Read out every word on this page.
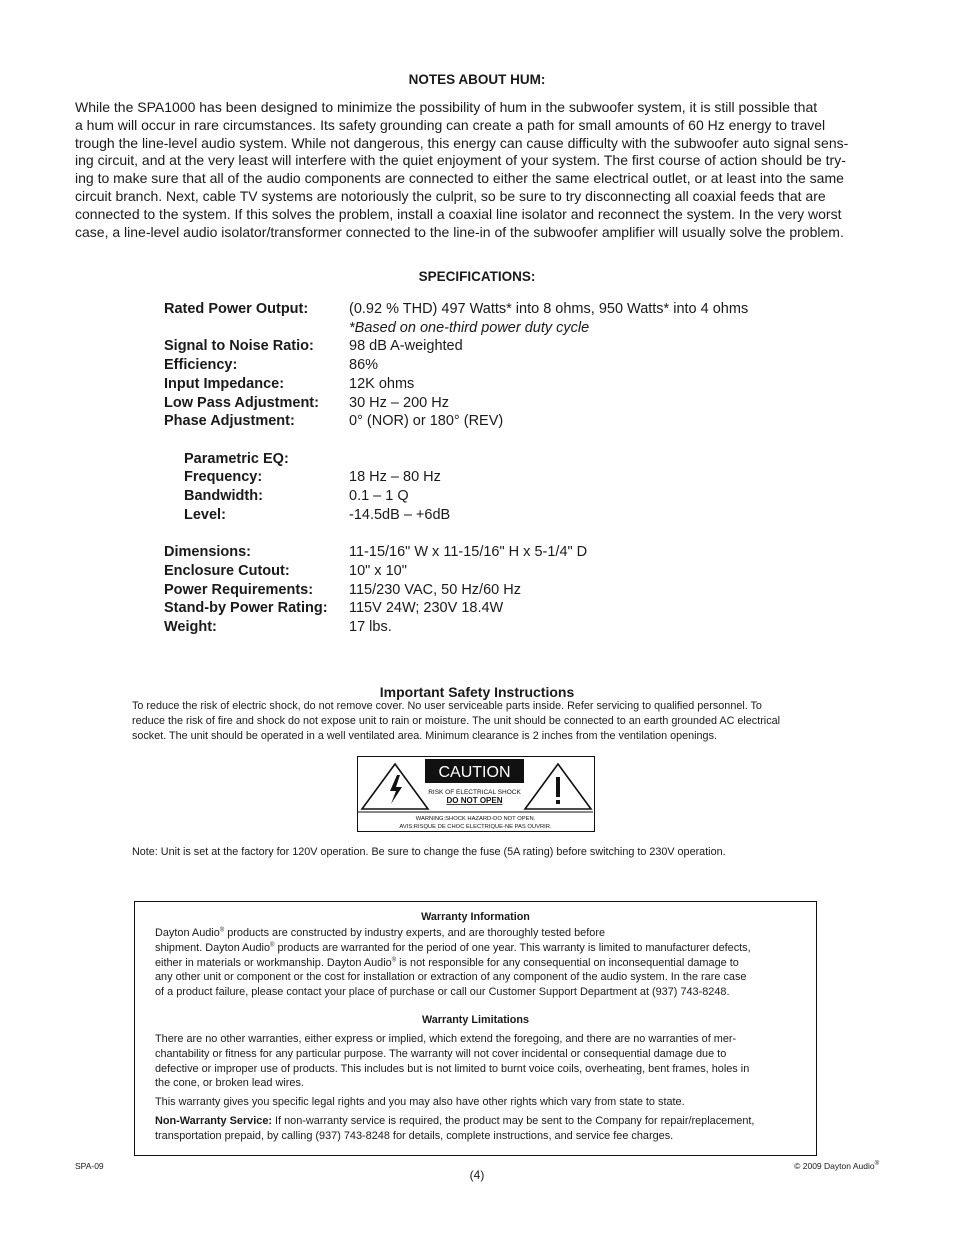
NOTES ABOUT HUM:
While the SPA1000 has been designed to minimize the possibility of hum in the subwoofer system, it is still possible that
a hum will occur in rare circumstances. Its safety grounding can create a path for small amounts of 60 Hz energy to travel
trough the line-level audio system. While not dangerous, this energy can cause difficulty with the subwoofer auto signal sens-
ing circuit, and at the very least will interfere with the quiet enjoyment of your system. The first course of action should be try-
ing to make sure that all of the audio components are connected to either the same electrical outlet, or at least into the same
circuit branch. Next, cable TV systems are notoriously the culprit, so be sure to try disconnecting all coaxial feeds that are
connected to the system. If this solves the problem, install a coaxial line isolator and reconnect the system. In the very worst
case, a line-level audio isolator/transformer connected to the line-in of the subwoofer amplifier will usually solve the problem.
SPECIFICATIONS:
Rated Power Output:	(0.92 % THD) 497 Watts* into 8 ohms, 950 Watts* into 4 ohms
*Based on one-third power duty cycle
Signal to Noise Ratio: 98 dB A-weighted
Efficiency:	86%
Input Impedance:	12K ohms
Low Pass Adjustment: 30 Hz – 200 Hz
Phase Adjustment:	0° (NOR) or 180° (REV)
Parametric EQ:
Frequency:	18 Hz – 80 Hz
Bandwidth:	0.1 – 1 Q
Level:	-14.5dB – +6dB
Dimensions:	11-15/16" W x 11-15/16" H x 5-1/4" D
Enclosure Cutout:	10" x 10"
Power Requirements: 115/230 VAC, 50 Hz/60 Hz
Stand-by Power Rating: 115V 24W; 230V 18.4W
Weight:	17 lbs.
Important Safety Instructions
To reduce the risk of electric shock, do not remove cover. No user serviceable parts inside. Refer servicing to qualified personnel. To
reduce the risk of fire and shock do not expose unit to rain or moisture. The unit should be connected to an earth grounded AC electrical
socket. The unit should be operated in a well ventilated area. Minimum clearance is 2 inches from the ventilation openings.
CAUTION
RISK OF ELECTRICAL SHOCK
DO NOT OPEN
WARNING:SHOCK HAZARD-DO NOT OPEN.
AVIS:RISQUE DE CHOC ELECTRIQUE-NE PAS OUVRIR.
Note: Unit is set at the factory for 120V operation. Be sure to change the fuse (5A rating) before switching to 230V operation.
Warranty Information
Dayton Audio® products are constructed by industry experts, and are thoroughly tested before
shipment. Dayton Audio® products are warranted for the period of one year. This warranty is limited to manufacturer defects,
either in materials or workmanship. Dayton Audio® is not responsible for any consequential on inconsequential damage to
any other unit or component or the cost for installation or extraction of any component of the audio system. In the rare case
of a product failure, please contact your place of purchase or call our Customer Support Department at (937) 743-8248.
Warranty Limitations
There are no other warranties, either express or implied, which extend the foregoing, and there are no warranties of mer-
chantability or fitness for any particular purpose. The warranty will not cover incidental or consequential damage due to
defective or improper use of products. This includes but is not limited to burnt voice coils, overheating, bent frames, holes in
the cone, or broken lead wires.
This warranty gives you specific legal rights and you may also have other rights which vary from state to state.
Non-Warranty Service: If non-warranty service is required, the product may be sent to the Company for repair/replacement,
transportation prepaid, by calling (937) 743-8248 for details, complete instructions, and service fee charges.
SPA-09
(4)
© 2009 Dayton Audio®
